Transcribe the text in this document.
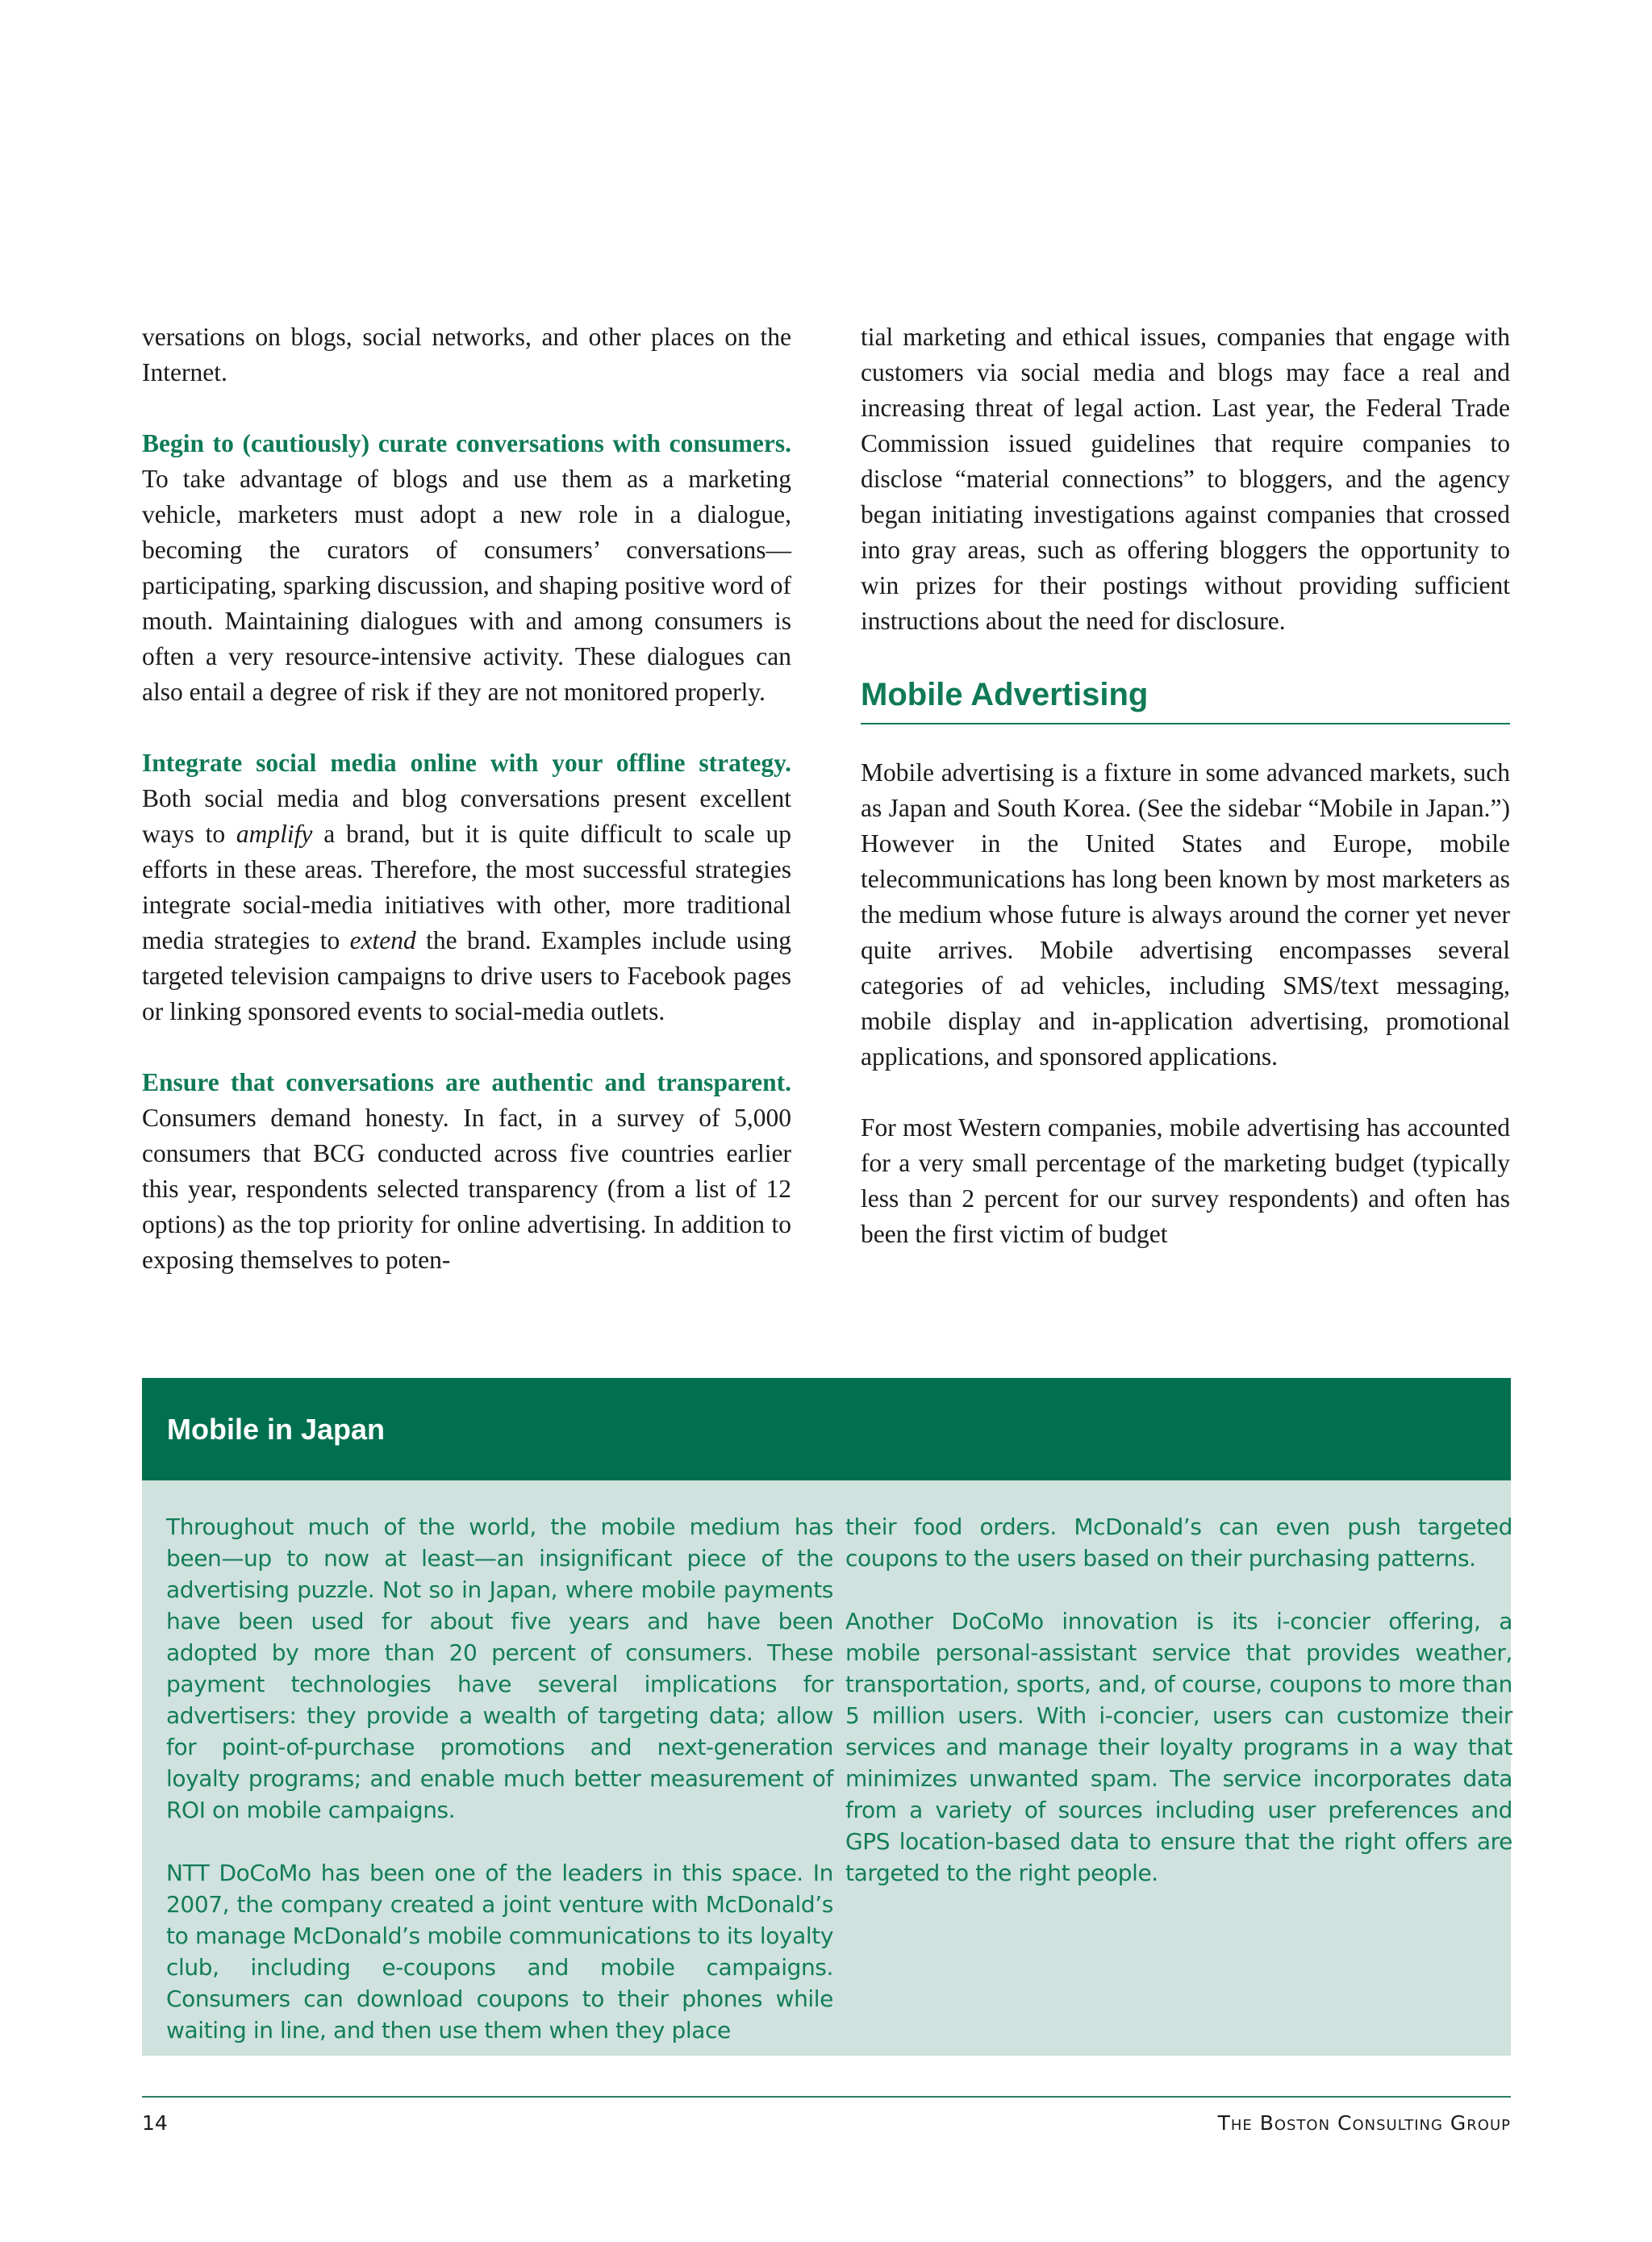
versations on blogs, social networks, and other places on the Internet.

Begin to (cautiously) curate conversations with consumers. To take advantage of blogs and use them as a marketing vehicle, marketers must adopt a new role in a dialogue, becoming the curators of consumers’ conversations—participating, sparking discussion, and shaping positive word of mouth. Maintaining dialogues with and among consumers is often a very resource-intensive activity. These dialogues can also entail a degree of risk if they are not monitored properly.

Integrate social media online with your offline strategy. Both social media and blog conversations present excellent ways to amplify a brand, but it is quite difficult to scale up efforts in these areas. Therefore, the most successful strategies integrate social-media initiatives with other, more traditional media strategies to extend the brand. Examples include using targeted television campaigns to drive users to Facebook pages or linking sponsored events to social-media outlets.

Ensure that conversations are authentic and transparent. Consumers demand honesty. In fact, in a survey of 5,000 consumers that BCG conducted across five countries earlier this year, respondents selected transparency (from a list of 12 options) as the top priority for online advertising. In addition to exposing themselves to poten-

tial marketing and ethical issues, companies that engage with customers via social media and blogs may face a real and increasing threat of legal action. Last year, the Federal Trade Commission issued guidelines that require companies to disclose “material connections” to bloggers, and the agency began initiating investigations against companies that crossed into gray areas, such as offering bloggers the opportunity to win prizes for their postings without providing sufficient instructions about the need for disclosure.

Mobile Advertising

Mobile advertising is a fixture in some advanced markets, such as Japan and South Korea. (See the sidebar “Mobile in Japan.”) However in the United States and Europe, mobile telecommunications has long been known by most marketers as the medium whose future is always around the corner yet never quite arrives. Mobile advertising encompasses several categories of ad vehicles, including SMS/text messaging, mobile display and in-application advertising, promotional applications, and sponsored applications.

For most Western companies, mobile advertising has accounted for a very small percentage of the marketing budget (typically less than 2 percent for our survey respondents) and often has been the first victim of budget

Mobile in Japan

Throughout much of the world, the mobile medium has been—up to now at least—an insignificant piece of the advertising puzzle. Not so in Japan, where mobile payments have been used for about five years and have been adopted by more than 20 percent of consumers. These payment technologies have several implications for advertisers: they provide a wealth of targeting data; allow for point-of-purchase promotions and next-generation loyalty programs; and enable much better measurement of ROI on mobile campaigns.

NTT DoCoMo has been one of the leaders in this space. In 2007, the company created a joint venture with McDonald’s to manage McDonald’s mobile communications to its loyalty club, including e-coupons and mobile campaigns. Consumers can download coupons to their phones while waiting in line, and then use them when they place

their food orders. McDonald’s can even push targeted coupons to the users based on their purchasing patterns.

Another DoCoMo innovation is its i-concier offering, a mobile personal-assistant service that provides weather, transportation, sports, and, of course, coupons to more than 5 million users. With i-concier, users can customize their services and manage their loyalty programs in a way that minimizes unwanted spam. The service incorporates data from a variety of sources including user preferences and GPS location-based data to ensure that the right offers are targeted to the right people.

14	The Boston Consulting Group
